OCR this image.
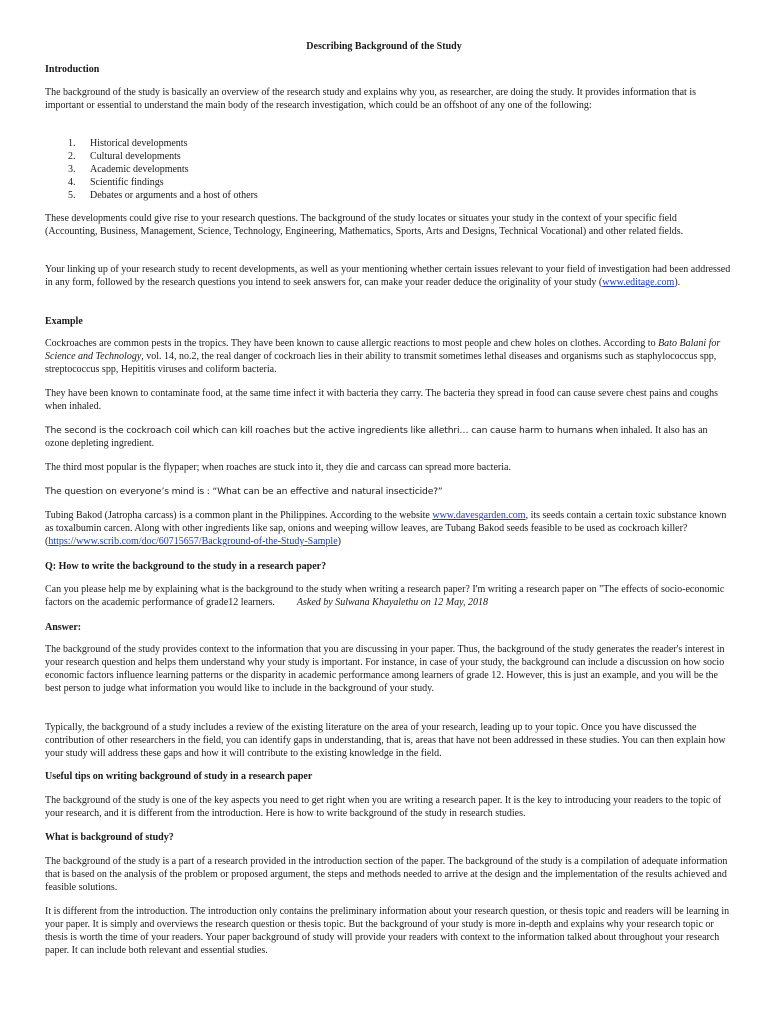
Describing Background of the Study

Introduction

The background of the study is basically an overview of the research study and explains why you, as researcher, are doing the study. It provides information that is important or essential to understand the main body of the research investigation, which could be an offshoot of any one of the following:

1. Historical developments
2. Cultural developments
3. Academic developments
4. Scientific findings
5. Debates or arguments and a host of others

These developments could give rise to your research questions. The background of the study locates or situates your study in the context of your specific field (Accounting, Business, Management, Science, Technology, Engineering, Mathematics, Sports, Arts and Designs, Technical Vocational) and other related fields.

Your linking up of your research study to recent developments, as well as your mentioning whether certain issues relevant to your field of investigation had been addressed in any form, followed by the research questions you intend to seek answers for, can make your reader deduce the originality of your study (www.editage.com).

Example

Cockroaches are common pests in the tropics. They have been known to cause allergic reactions to most people and chew holes on clothes. According to Bato Balani for Science and Technology, vol. 14, no.2, the real danger of cockroach lies in their ability to transmit sometimes lethal diseases and organisms such as staphylococcus spp, streptococcus spp, Hepititis viruses and coliform bacteria.

They have been known to contaminate food, at the same time infect it with bacteria they carry. The bacteria they spread in food can cause severe chest pains and coughs when inhaled.

The second is the cockroach coil which can kill roaches but the active ingredients like allethri… can cause harm to humans when inhaled. It also has an ozone depleting ingredient.

The third most popular is the flypaper; when roaches are stuck into it, they die and carcass can spread more bacteria.

The question on everyone’s mind is : “What can be an effective and natural insecticide?”

Tubing Bakod (Jatropha carcass) is a common plant in the Philippines. According to the website www.davesgarden.com, its seeds contain a certain toxic substance known as toxalbumin carcen. Along with other ingredients like sap, onions and weeping willow leaves, are Tubang Bakod seeds feasible to be used as cockroach killer? (https://www.scrib.com/doc/60715657/Background-of-the-Study-Sample)

Q: How to write the background to the study in a research paper?

Can you please help me by explaining what is the background to the study when writing a research paper? I'm writing a research paper on "The effects of socio-economic factors on the academic performance of grade12 learners. Asked by Sulwana Khayalethu on 12 May, 2018

Answer:

The background of the study provides context to the information that you are discussing in your paper. Thus, the background of the study generates the reader's interest in your research question and helps them understand why your study is important. For instance, in case of your study, the background can include a discussion on how socio economic factors influence learning patterns or the disparity in academic performance among learners of grade 12. However, this is just an example, and you will be the best person to judge what information you would like to include in the background of your study.

Typically, the background of a study includes a review of the existing literature on the area of your research, leading up to your topic. Once you have discussed the contribution of other researchers in the field, you can identify gaps in understanding, that is, areas that have not been addressed in these studies. You can then explain how your study will address these gaps and how it will contribute to the existing knowledge in the field.

Useful tips on writing background of study in a research paper

The background of the study is one of the key aspects you need to get right when you are writing a research paper. It is the key to introducing your readers to the topic of your research, and it is different from the introduction. Here is how to write background of the study in research studies.

What is background of study?

The background of the study is a part of a research provided in the introduction section of the paper. The background of the study is a compilation of adequate information that is based on the analysis of the problem or proposed argument, the steps and methods needed to arrive at the design and the implementation of the results achieved and feasible solutions.

It is different from the introduction. The introduction only contains the preliminary information about your research question, or thesis topic and readers will be learning in your paper. It is simply and overviews the research question or thesis topic. But the background of your study is more in-depth and explains why your research topic or thesis is worth the time of your readers. Your paper background of study will provide your readers with context to the information talked about throughout your research paper. It can include both relevant and essential studies.
